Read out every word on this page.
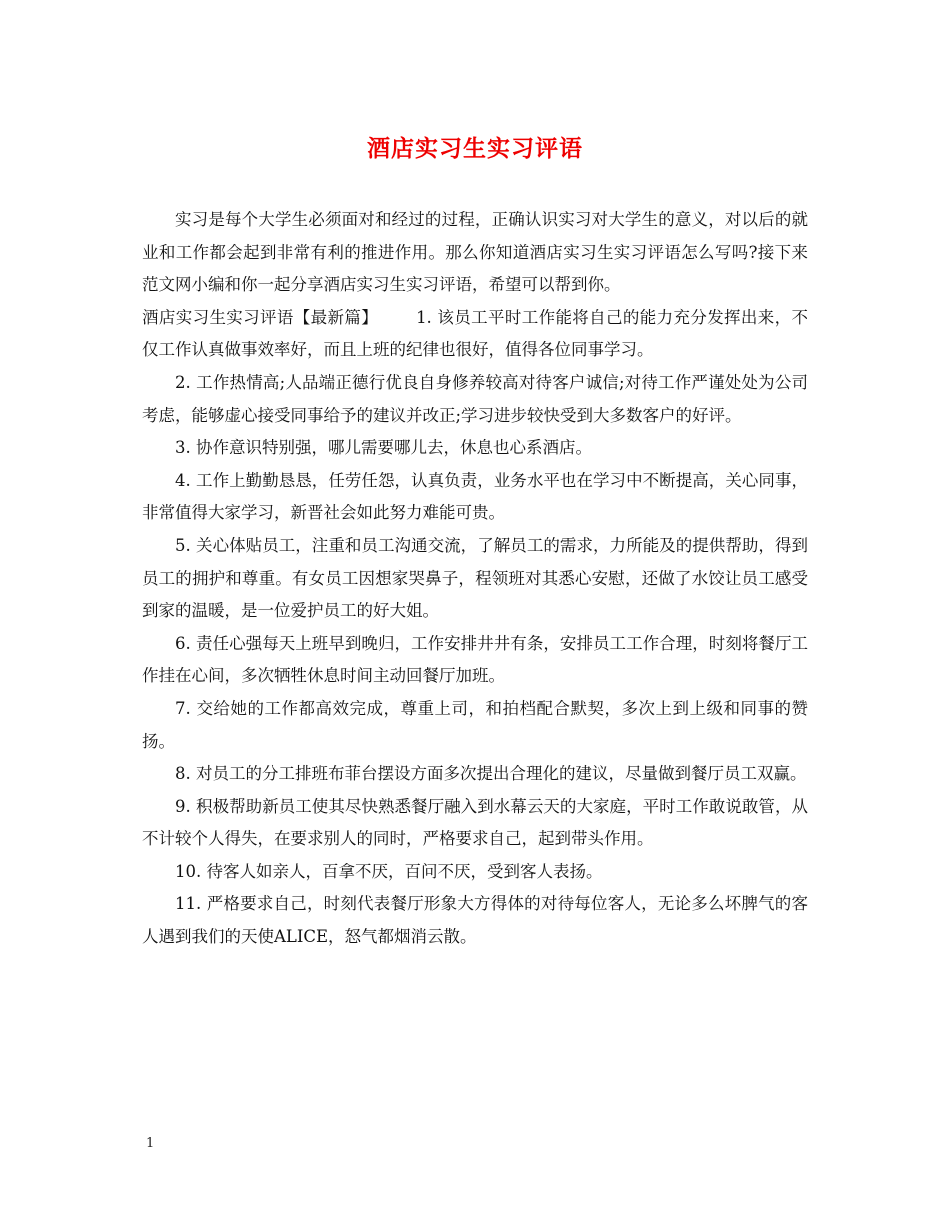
酒店实习生实习评语

实习是每个大学生必须面对和经过的过程，正确认识实习对大学生的意义，对以后的就业和工作都会起到非常有利的推进作用。那么你知道酒店实习生实习评语怎么写吗?接下来范文网小编和你一起分享酒店实习生实习评语，希望可以帮到你。

酒店实习生实习评语【最新篇】 1. 该员工平时工作能将自己的能力充分发挥出来，不仅工作认真做事效率好，而且上班的纪律也很好，值得各位同事学习。

2. 工作热情高;人品端正德行优良自身修养较高对待客户诚信;对待工作严谨处处为公司考虑，能够虚心接受同事给予的建议并改正;学习进步较快受到大多数客户的好评。

3. 协作意识特别强，哪儿需要哪儿去，休息也心系酒店。

4. 工作上勤勤恳恳，任劳任怨，认真负责，业务水平也在学习中不断提高，关心同事，非常值得大家学习，新晋社会如此努力难能可贵。

5. 关心体贴员工，注重和员工沟通交流，了解员工的需求，力所能及的提供帮助，得到员工的拥护和尊重。有女员工因想家哭鼻子，程领班对其悉心安慰，还做了水饺让员工感受到家的温暖，是一位爱护员工的好大姐。

6. 责任心强每天上班早到晚归，工作安排井井有条，安排员工工作合理，时刻将餐厅工作挂在心间，多次牺牲休息时间主动回餐厅加班。

7. 交给她的工作都高效完成，尊重上司，和拍档配合默契，多次上到上级和同事的赞扬。

8. 对员工的分工排班布菲台摆设方面多次提出合理化的建议，尽量做到餐厅员工双赢。

9. 积极帮助新员工使其尽快熟悉餐厅融入到水幕云天的大家庭，平时工作敢说敢管，从不计较个人得失，在要求别人的同时，严格要求自己，起到带头作用。

10. 待客人如亲人，百拿不厌，百问不厌，受到客人表扬。

11. 严格要求自己，时刻代表餐厅形象大方得体的对待每位客人，无论多么坏脾气的客人遇到我们的天使ALICE，怒气都烟消云散。

1
